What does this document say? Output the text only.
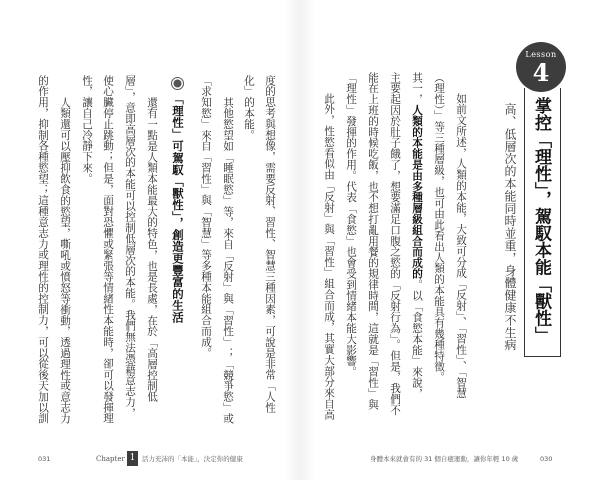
Lesson
4
掌控「理性」，駕馭本能「獸性」
高、低層次的本能同時並重，身體健康不生病
如前文所述，人類的本能，大致可分成「反射」、「習性」、「智慧
（理性）」等三種層級，也可由此看出人類的本能具有幾種特徵。
其一，人類的本能是由多種層級組合而成的。以「食慾本能」來說，
主要起因於肚子餓了，想要滿足口腹之慾的「反射行為」。但是，我們不
能在上班的時候吃飯，也不想打亂用餐的規律時間，這就是「習性」與
「理性」發揮的作用。代表「食慾」也會受到情緒本能大影響。
此外，性慾看似由「反射」與「習性」組合而成，其實大部分來自高
度的思考與想像，需要反射、習性、智慧三種因素，可說是非常「人性
化」的本能。
其他慾望如「睡眠慾」等，來自「反射」與「習性」；「競爭慾」或
「求知慾」來自「習性」與「智慧」等多種本能組合而成。
「理性」可駕馭「獸性」，創造更豐富的生活
還有一點是人類本能最大的特色，也是長處，在於「高層控制低
層」，意即高層次的本能可以控制低層次的本能。我們無法憑藉意志力，
使心臟停止跳動；但是，面對恐懼或緊張等情緒性本能時，卻可以發揮理
性，讓自己冷靜下來。
人類還可以壓抑飲食的慾望，嘶吼或憤怒等衝動，透過理性或意志力
的作用，抑制各種慾望；這種意志力或理性的控制力，可以從後天加以訓
031	Chapter 1	活力充沛的「本能」，決定你的健康	身體本來就會有的 31 個自癒運動，讓你年輕 10 歲	030
